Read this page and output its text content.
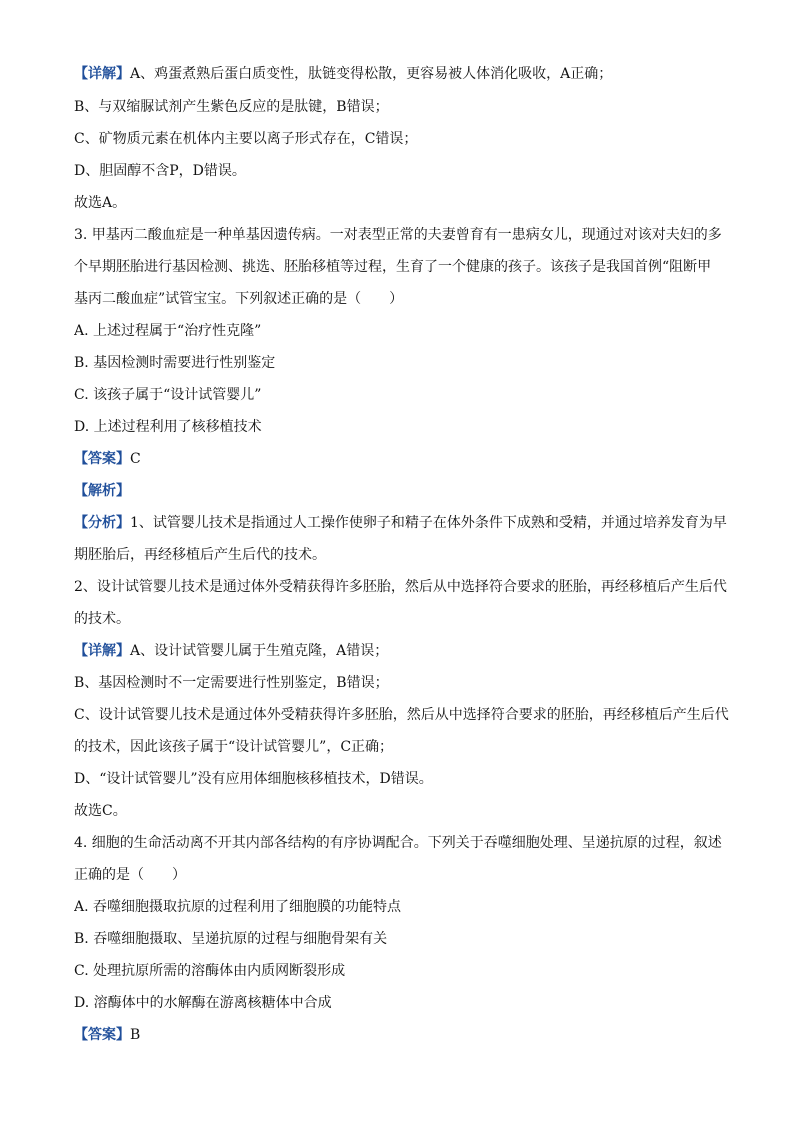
【详解】A、鸡蛋煮熟后蛋白质变性，肽链变得松散，更容易被人体消化吸收，A正确；
B、与双缩脲试剂产生紫色反应的是肽键，B错误；
C、矿物质元素在机体内主要以离子形式存在，C错误；
D、胆固醇不含P，D错误。
故选A。
3. 甲基丙二酸血症是一种单基因遗传病。一对表型正常的夫妻曾育有一患病女儿，现通过对该对夫妇的多
个早期胚胎进行基因检测、挑选、胚胎移植等过程，生育了一个健康的孩子。该孩子是我国首例“阻断甲
基丙二酸血症”试管宝宝。下列叙述正确的是（　　）
A. 上述过程属于“治疗性克隆”
B. 基因检测时需要进行性别鉴定
C. 该孩子属于“设计试管婴儿”
D. 上述过程利用了核移植技术
【答案】C
【解析】
【分析】1、试管婴儿技术是指通过人工操作使卵子和精子在体外条件下成熟和受精，并通过培养发育为早
期胚胎后，再经移植后产生后代的技术。
2、设计试管婴儿技术是通过体外受精获得许多胚胎，然后从中选择符合要求的胚胎，再经移植后产生后代
的技术。
【详解】A、设计试管婴儿属于生殖克隆，A错误；
B、基因检测时不一定需要进行性别鉴定，B错误；
C、设计试管婴儿技术是通过体外受精获得许多胚胎，然后从中选择符合要求的胚胎，再经移植后产生后代
的技术，因此该孩子属于“设计试管婴儿”，C正确；
D、“设计试管婴儿”没有应用体细胞核移植技术，D错误。
故选C。
4. 细胞的生命活动离不开其内部各结构的有序协调配合。下列关于吞噬细胞处理、呈递抗原的过程，叙述
正确的是（　　）
A. 吞噬细胞摄取抗原的过程利用了细胞膜的功能特点
B. 吞噬细胞摄取、呈递抗原的过程与细胞骨架有关
C. 处理抗原所需的溶酶体由内质网断裂形成
D. 溶酶体中的水解酶在游离核糖体中合成
【答案】B
